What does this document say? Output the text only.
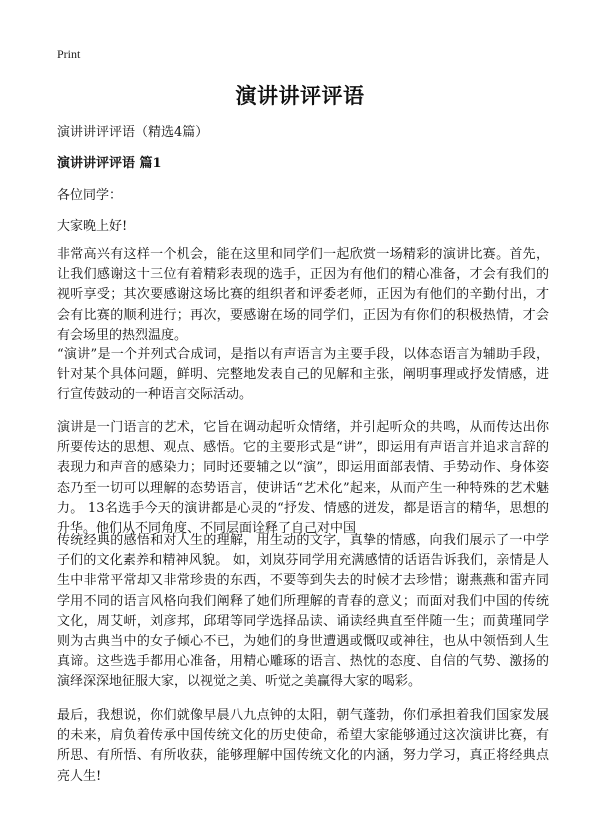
Print
演讲讲评评语
演讲讲评评语（精选4篇）
演讲讲评评语 篇1
各位同学：
大家晚上好!

非常高兴有这样一个机会，能在这里和同学们一起欣赏一场精彩的演讲比赛。首先，让我们感谢这十三位有着精彩表现的选手，正因为有他们的精心准备，才会有我们的视听享受；其次要感谢这场比赛的组织者和评委老师，正因为有他们的辛勤付出，才会有比赛的顺利进行；再次，要感谢在场的同学们，正因为有你们的积极热情，才会有会场里的热烈温度。

“演讲”是一个并列式合成词，是指以有声语言为主要手段，以体态语言为辅助手段，针对某个具体问题，鲜明、完整地发表自己的见解和主张，阐明事理或抒发情感，进行宣传鼓动的一种语言交际活动。

演讲是一门语言的艺术，它旨在调动起听众情绪，并引起听众的共鸣，从而传达出你所要传达的思想、观点、感悟。它的主要形式是“讲”，即运用有声语言并追求言辞的表现力和声音的感染力；同时还要辅之以“演”，即运用面部表情、手势动作、身体姿态乃至一切可以理解的态势语言，使讲话“艺术化”起来，从而产生一种特殊的艺术魅力。 13名选手今天的演讲都是心灵的“抒发、情感的迸发，都是语言的精华，思想的升华。他们从不同角度、不同层面诠释了自己对中国

传统经典的感悟和对人生的理解，用生动的文字，真挚的情感，向我们展示了一中学子们的文化素养和精神风貌。 如，刘岚芬同学用充满感情的话语告诉我们，亲情是人生中非常平常却又非常珍贵的东西，不要等到失去的时候才去珍惜；谢燕燕和雷卉同学用不同的语言风格向我们阐释了她们所理解的青春的意义；而面对我们中国的传统文化，周艾岍，刘彦邦，邱珺等同学选择品读、诵读经典直至伴随一生；而黄瑾同学则为古典当中的女子倾心不已，为她们的身世遭遇或慨叹或神往，也从中领悟到人生真谛。这些选手都用心准备，用精心雕琢的语言、热忱的态度、自信的气势、激扬的演绎深深地征服大家，以视觉之美、听觉之美赢得大家的喝彩。

最后，我想说，你们就像早晨八九点钟的太阳，朝气蓬勃，你们承担着我们国家发展的未来，肩负着传承中国传统文化的历史使命，希望大家能够通过这次演讲比赛，有所思、有所悟、有所收获，能够理解中国传统文化的内涵，努力学习，真正将经典点亮人生!
